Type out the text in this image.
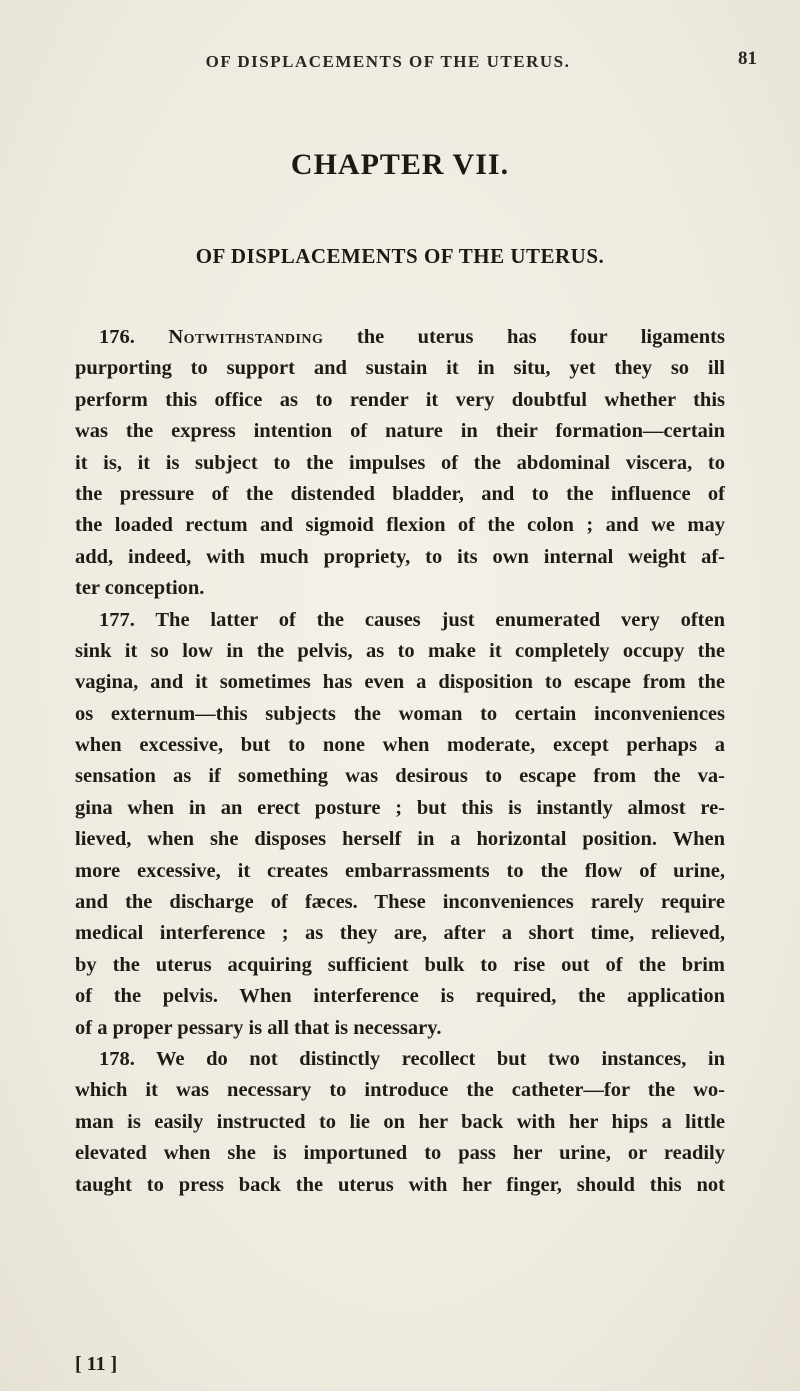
OF DISPLACEMENTS OF THE UTERUS.	81
CHAPTER VII.
OF DISPLACEMENTS OF THE UTERUS.
176. Notwithstanding the uterus has four ligaments
purporting to support and sustain it in situ, yet they so ill
perform this office as to render it very doubtful whether this
was the express intention of nature in their formation—certain
it is, it is subject to the impulses of the abdominal viscera, to
the pressure of the distended bladder, and to the influence of
the loaded rectum and sigmoid flexion of the colon ; and we may
add, indeed, with much propriety, to its own internal weight af-
ter conception.
177. The latter of the causes just enumerated very often
sink it so low in the pelvis, as to make it completely occupy the
vagina, and it sometimes has even a disposition to escape from the
os externum—this subjects the woman to certain inconveniences
when excessive, but to none when moderate, except perhaps a
sensation as if something was desirous to escape from the va-
gina when in an erect posture ; but this is instantly almost re-
lieved, when she disposes herself in a horizontal position. When
more excessive, it creates embarrassments to the flow of urine,
and the discharge of fæces. These inconveniences rarely require
medical interference ; as they are, after a short time, relieved,
by the uterus acquiring sufficient bulk to rise out of the brim
of the pelvis. When interference is required, the application
of a proper pessary is all that is necessary.
178. We do not distinctly recollect but two instances, in
which it was necessary to introduce the catheter—for the wo-
man is easily instructed to lie on her back with her hips a little
elevated when she is importuned to pass her urine, or readily
taught to press back the uterus with her finger, should this not
[ 11 ]
